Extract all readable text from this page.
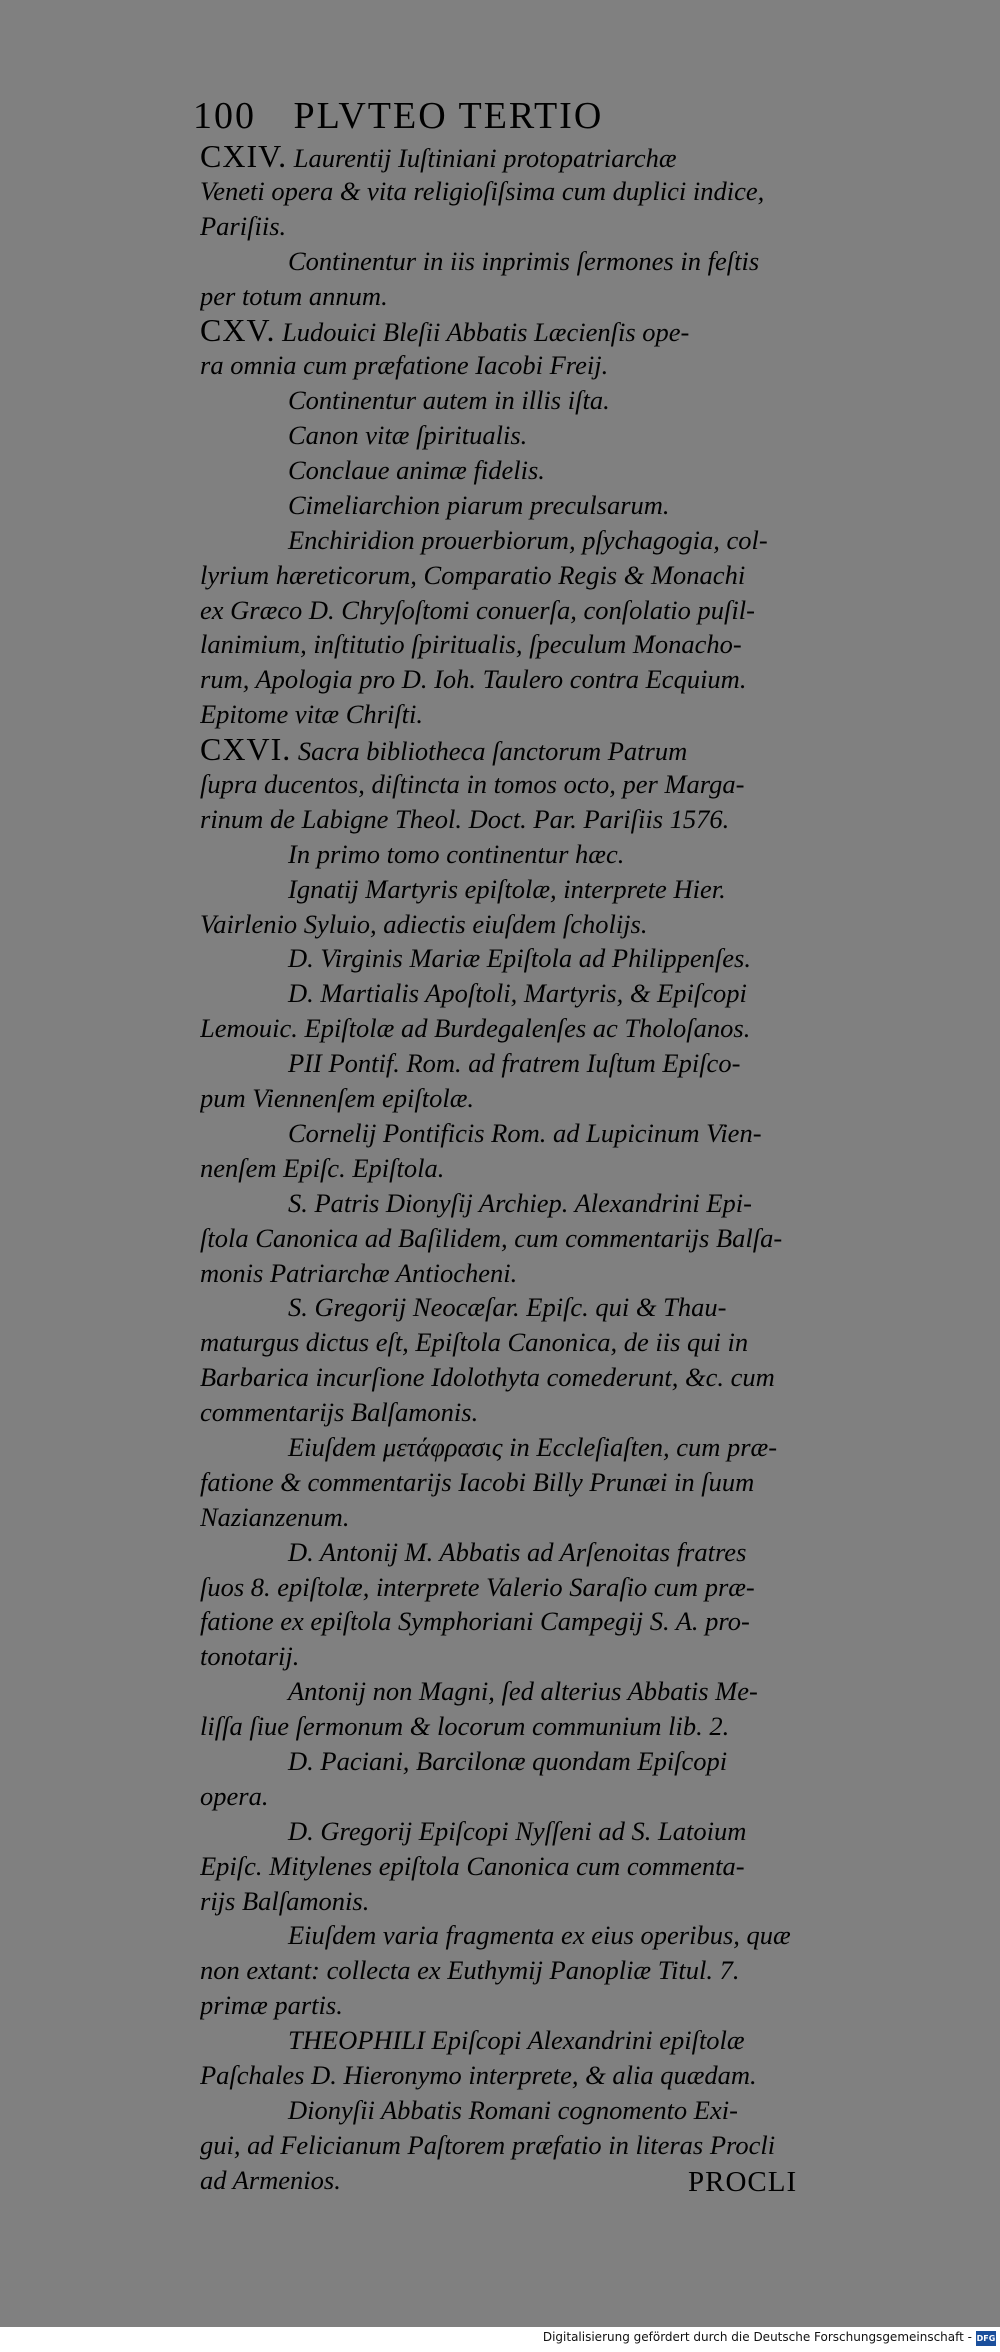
100 PLVTEO TERTIO
CXIV. Laurentij Iuſtiniani protopatriarchæ
Veneti opera & vita religioſiſsima cum duplici indice,
Pariſiis.
Continentur in iis inprimis ſermones in feſtis
per totum annum.
CXV. Ludouici Bleſii Abbatis Læcienſis ope-
ra omnia cum præfatione Iacobi Freij.
Continentur autem in illis iſta.
Canon vitæ ſpiritualis.
Conclaue animæ fidelis.
Cimeliarchion piarum preculsarum.
Enchiridion prouerbiorum, pſychagogia, col-
lyrium hæreticorum, Comparatio Regis & Monachi
ex Græco D. Chryſoſtomi conuerſa, conſolatio puſil-
lanimium, inſtitutio ſpiritualis, ſpeculum Monacho-
rum, Apologia pro D. Ioh. Taulero contra Ecquium.
Epitome vitæ Chriſti.
CXVI. Sacra bibliotheca ſanctorum Patrum
ſupra ducentos, diſtincta in tomos octo, per Marga-
rinum de Labigne Theol. Doct. Par. Pariſiis 1576.
In primo tomo continentur hæc.
Ignatij Martyris epiſtolæ, interprete Hier.
Vairlenio Syluio, adiectis eiuſdem ſcholijs.
D. Virginis Mariæ Epiſtola ad Philippenſes.
D. Martialis Apoſtoli, Martyris, & Epiſcopi
Lemouic. Epiſtolæ ad Burdegalenſes ac Tholoſanos.
PII Pontif. Rom. ad fratrem Iuſtum Epiſco-
pum Viennenſem epiſtolæ.
Cornelij Pontificis Rom. ad Lupicinum Vien-
nenſem Epiſc. Epiſtola.
S. Patris Dionyſij Archiep. Alexandrini Epi-
ſtola Canonica ad Baſilidem, cum commentarijs Balſa-
monis Patriarchæ Antiocheni.
S. Gregorij Neocæſar. Epiſc. qui & Thau-
maturgus dictus eſt, Epiſtola Canonica, de iis qui in
Barbarica incurſione Idolothyta comederunt, &c. cum
commentarijs Balſamonis.
Eiuſdem μετάφρασις in Eccleſiaſten, cum præ-
fatione & commentarijs Iacobi Billy Prunæi in ſuum
Nazianzenum.
D. Antonij M. Abbatis ad Arſenoitas fratres
ſuos 8. epiſtolæ, interprete Valerio Saraſio cum præ-
fatione ex epiſtola Symphoriani Campegij S. A. pro-
tonotarij.
Antonij non Magni, ſed alterius Abbatis Me-
liſſa ſiue ſermonum & locorum communium lib. 2.
D. Paciani, Barcilonæ quondam Epiſcopi
opera.
D. Gregorij Epiſcopi Nyſſeni ad S. Latoium
Epiſc. Mitylenes epiſtola Canonica cum commenta-
rijs Balſamonis.
Eiuſdem varia fragmenta ex eius operibus, quæ
non extant: collecta ex Euthymij Panopliæ Titul. 7.
primæ partis.
THEOPHILI Epiſcopi Alexandrini epiſtolæ
Paſchales D. Hieronymo interprete, & alia quædam.
Dionyſii Abbatis Romani cognomento Exi-
gui, ad Felicianum Paſtorem præfatio in literas Procli
ad Armenios.	PROCLI
Digitalisierung gefördert durch die Deutsche Forschungsgemeinschaft - DFG
